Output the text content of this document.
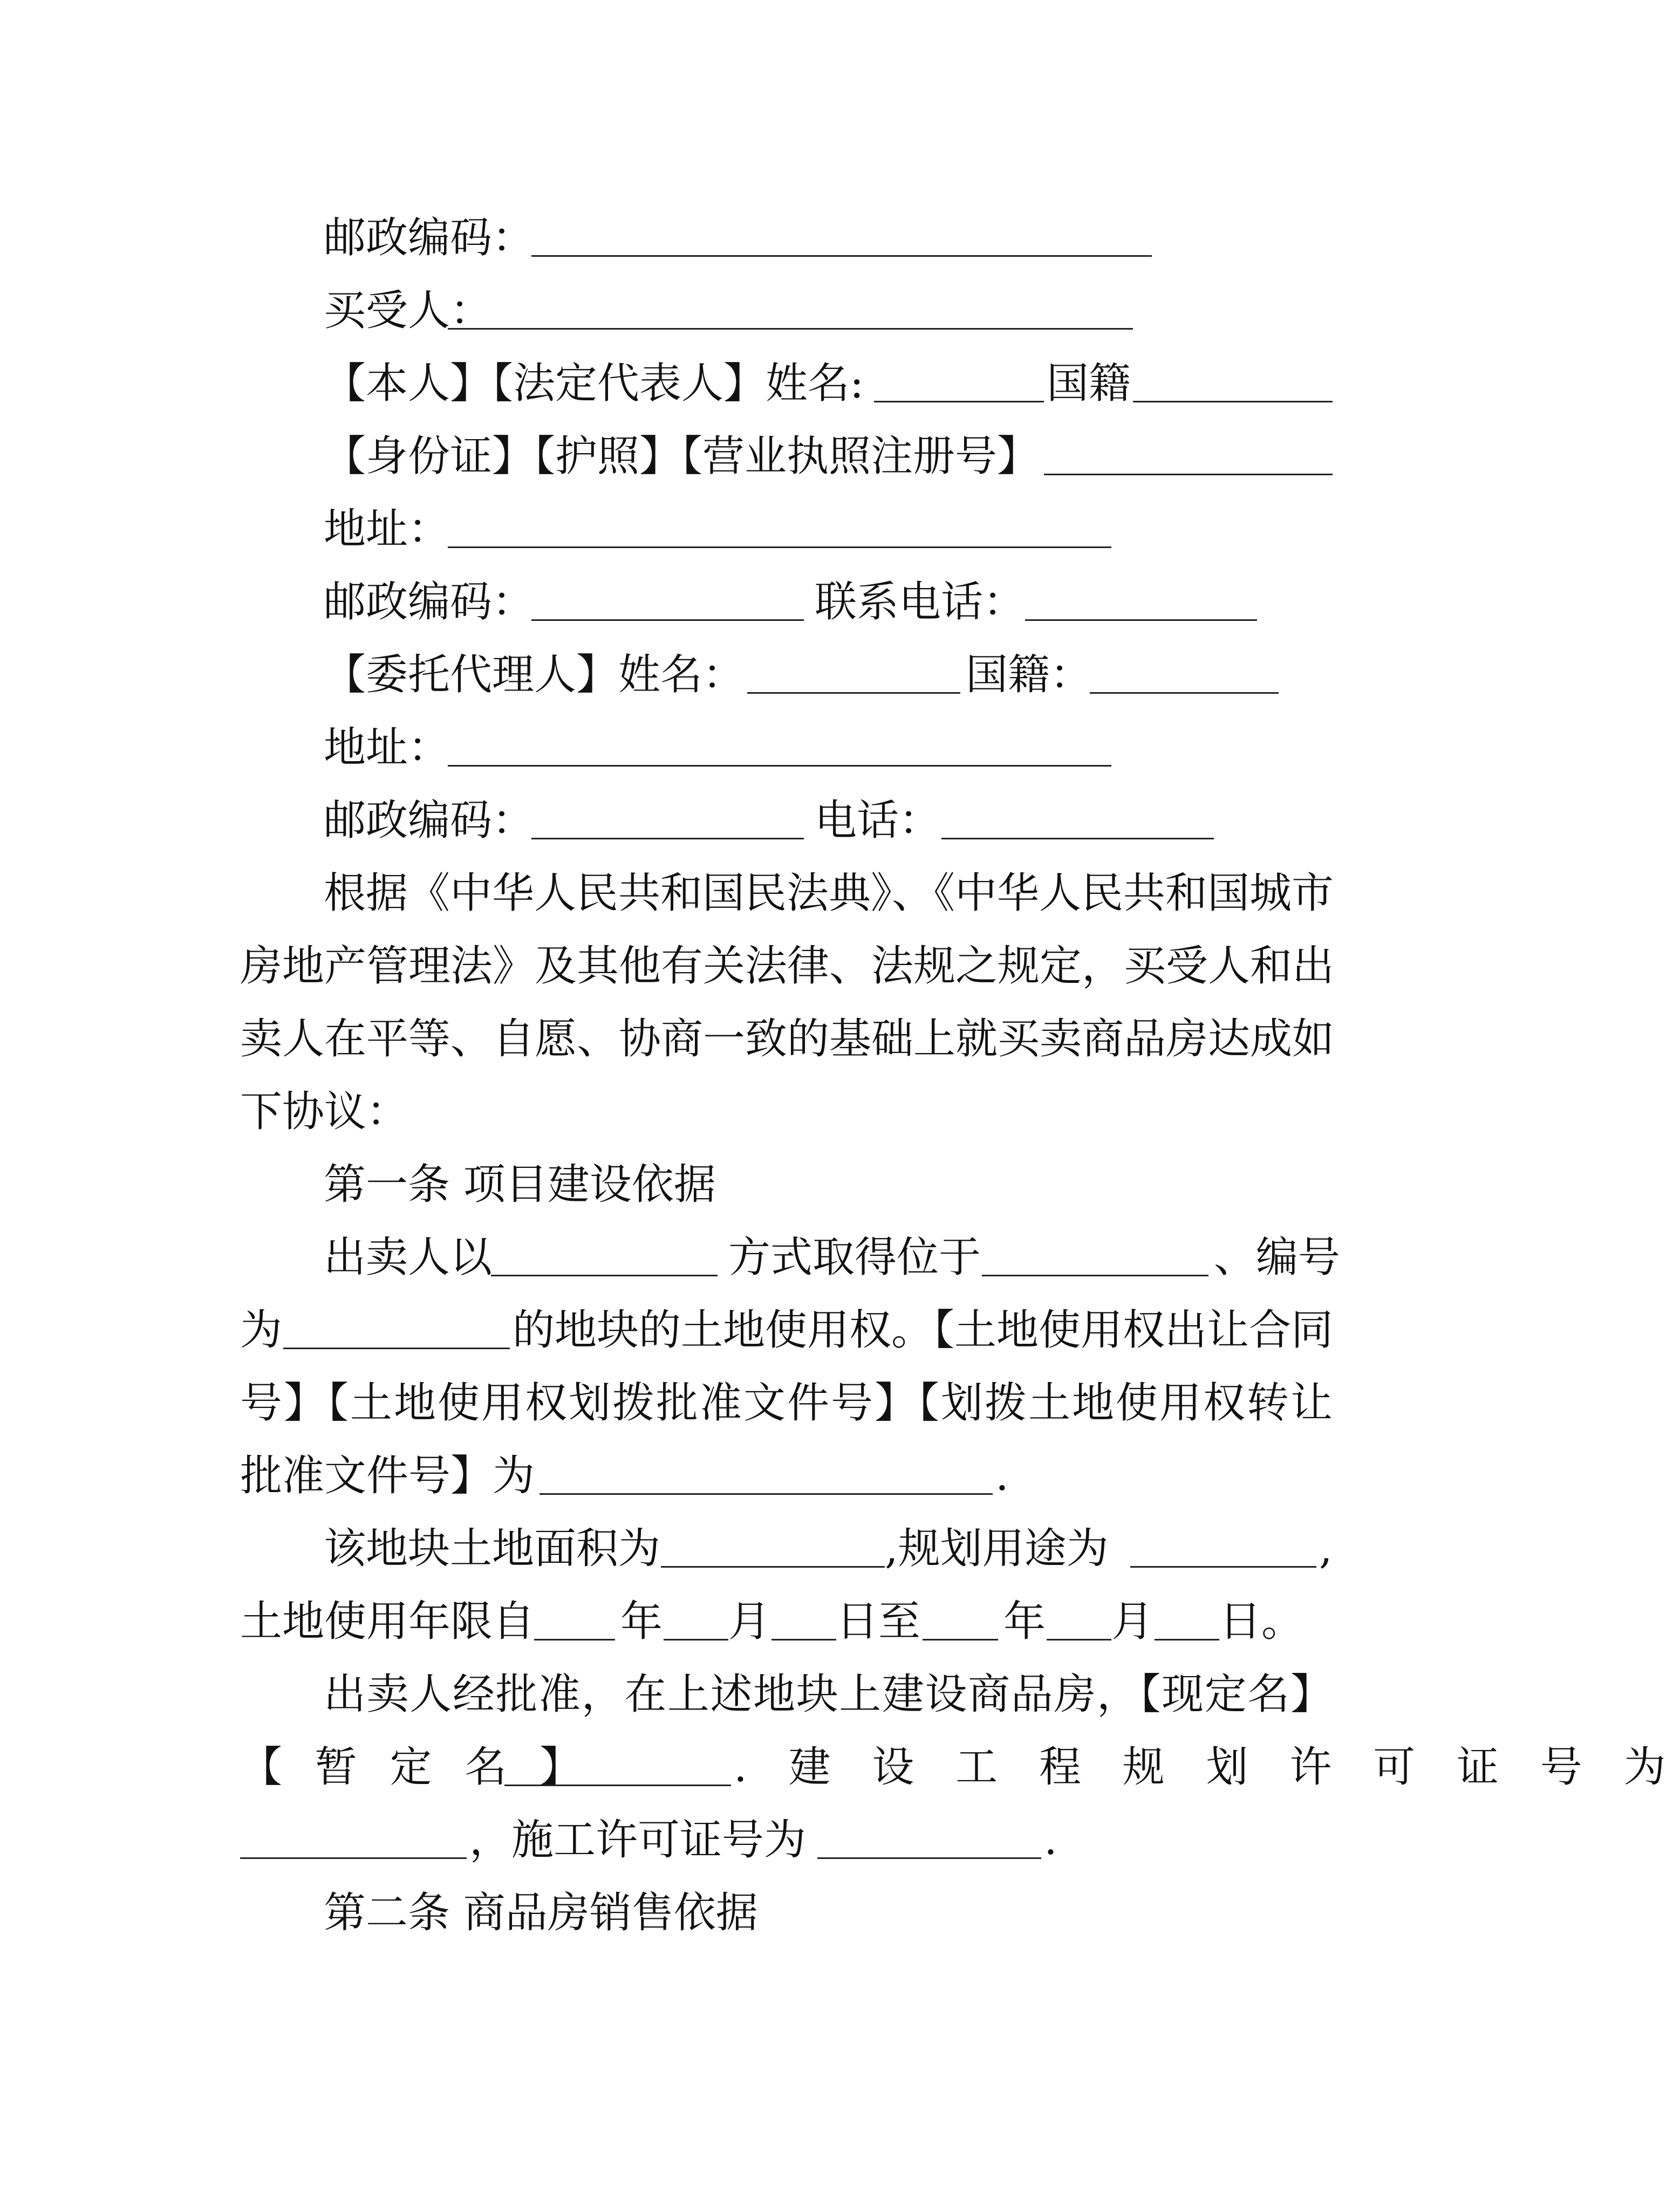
邮政编码：
买受人：
【本人】【法定代表人】姓名:	国籍
【身份证】【护照】【营业执照注册号】
地址：
邮政编码：	联系电话：
【委托代理人】姓名：	国籍：
地址：
邮政编码：	电话：
根据《中华人民共和国民法典》、《中华人民共和国城市
房地产管理法》及其他有关法律、法规之规定，买受人和出
卖人在平等、自愿、协商一致的基础上就买卖商品房达成如
下协议：
第一条 项目建设依据
出卖人以	方式取得位于	、编号
为	的地块的土地使用权。【土地使用权出让合同
号】【土地使用权划拨批准文件号】【划拨土地使用权转让
批准文件号】为	.
该地块土地面积为	,规划用途为	,
土地使用年限自 年 月 日至 年 月 日。
出卖人经批准，在上述地块上建设商品房，【现定名】
【 暂 定 名 】	. 建 设 工 程 规 划 许 可 证 号 为
，施工许可证号为	.
第二条 商品房销售依据
